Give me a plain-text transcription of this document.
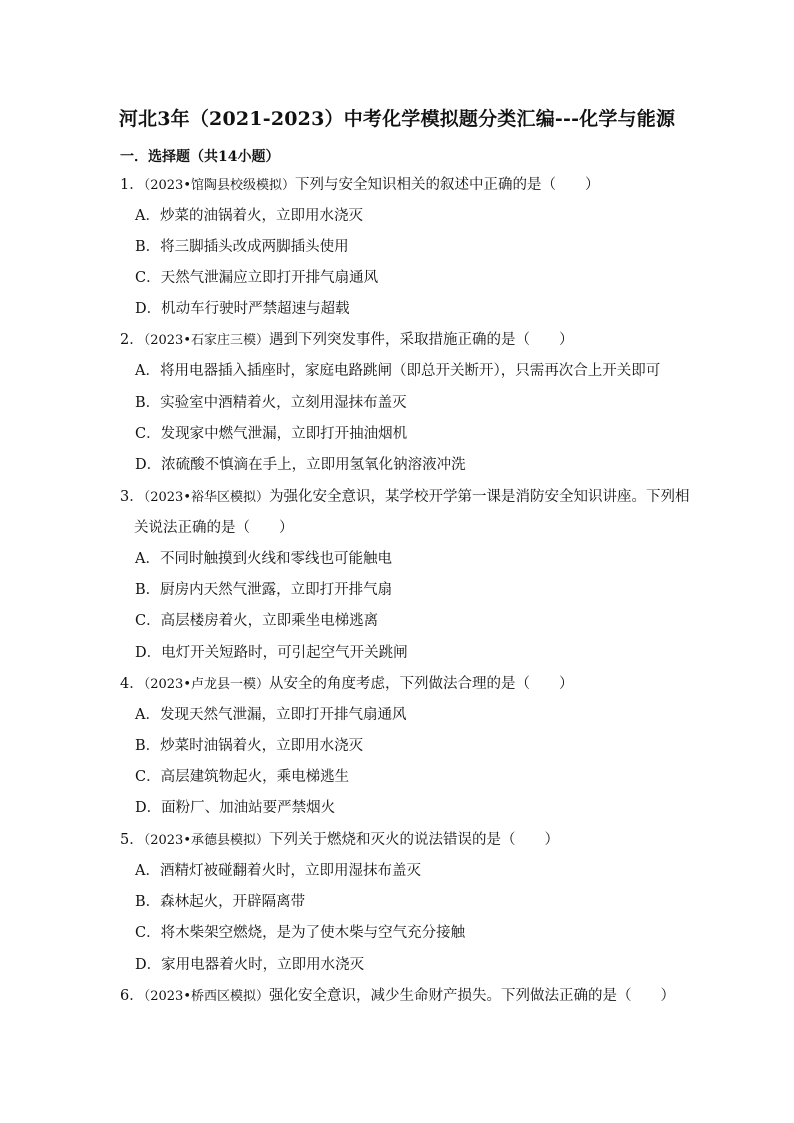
河北3年（2021-2023）中考化学模拟题分类汇编---化学与能源
一．选择题（共14小题）
1．（2023•馆陶县校级模拟）下列与安全知识相关的叙述中正确的是（　　）
A．炒菜的油锅着火，立即用水浇灭
B．将三脚插头改成两脚插头使用
C．天然气泄漏应立即打开排气扇通风
D．机动车行驶时严禁超速与超载
2．（2023•石家庄三模）遇到下列突发事件，采取措施正确的是（　　）
A．将用电器插入插座时，家庭电路跳闸（即总开关断开），只需再次合上开关即可
B．实验室中酒精着火，立刻用湿抹布盖灭
C．发现家中燃气泄漏，立即打开抽油烟机
D．浓硫酸不慎滴在手上，立即用氢氧化钠溶液冲洗
3．（2023•裕华区模拟）为强化安全意识，某学校开学第一课是消防安全知识讲座。下列相
关说法正确的是（　　）
A．不同时触摸到火线和零线也可能触电
B．厨房内天然气泄露，立即打开排气扇
C．高层楼房着火，立即乘坐电梯逃离
D．电灯开关短路时，可引起空气开关跳闸
4．（2023•卢龙县一模）从安全的角度考虑，下列做法合理的是（　　）
A．发现天然气泄漏，立即打开排气扇通风
B．炒菜时油锅着火，立即用水浇灭
C．高层建筑物起火，乘电梯逃生
D．面粉厂、加油站要严禁烟火
5．（2023•承德县模拟）下列关于燃烧和灭火的说法错误的是（　　）
A．酒精灯被碰翻着火时，立即用湿抹布盖灭
B．森林起火，开辟隔离带
C．将木柴架空燃烧，是为了使木柴与空气充分接触
D．家用电器着火时，立即用水浇灭
6．（2023•桥西区模拟）强化安全意识，减少生命财产损失。下列做法正确的是（　　）
